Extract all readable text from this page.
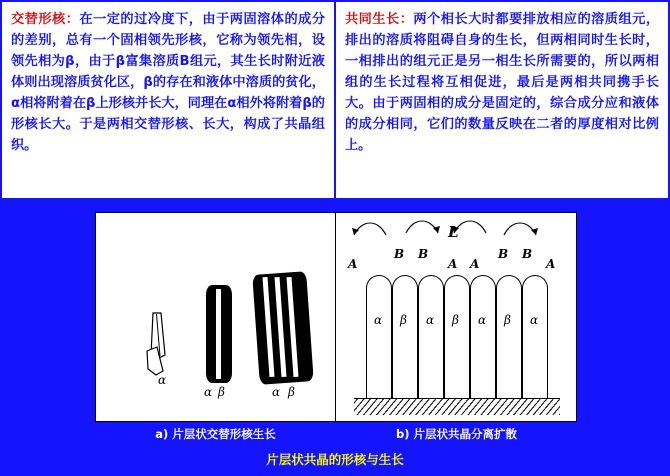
交替形核：在一定的过冷度下，由于两固溶体的成分的差别，总有一个固相领先形核，它称为领先相，设领先相为β，由于β富集溶质B组元，其生长时附近液体则出现溶质贫化区，β的存在和液体中溶质的贫化，α相将附着在β上形核并长大，同理在α相外将附着β的形核长大。于是两相交替形核、长大，构成了共晶组织。

共同生长：两个相长大时都要排放相应的溶质组元，排出的溶质将阻碍自身的生长，但两相同时生长时，一相排出的组元正是另一相生长所需要的，所以两相组的生长过程将互相促进，最后是两相共同携手长大。由于两固相的成分是固定的，综合成分应和液体的成分相同，它们的数量反映在二者的厚度相对比例上。

α
α β	α β
L
A
B B
A A
B B
A
α β α β α β α
a) 片层状交替形核生长	b) 片层状共晶分离扩散
片层状共晶的形核与生长
